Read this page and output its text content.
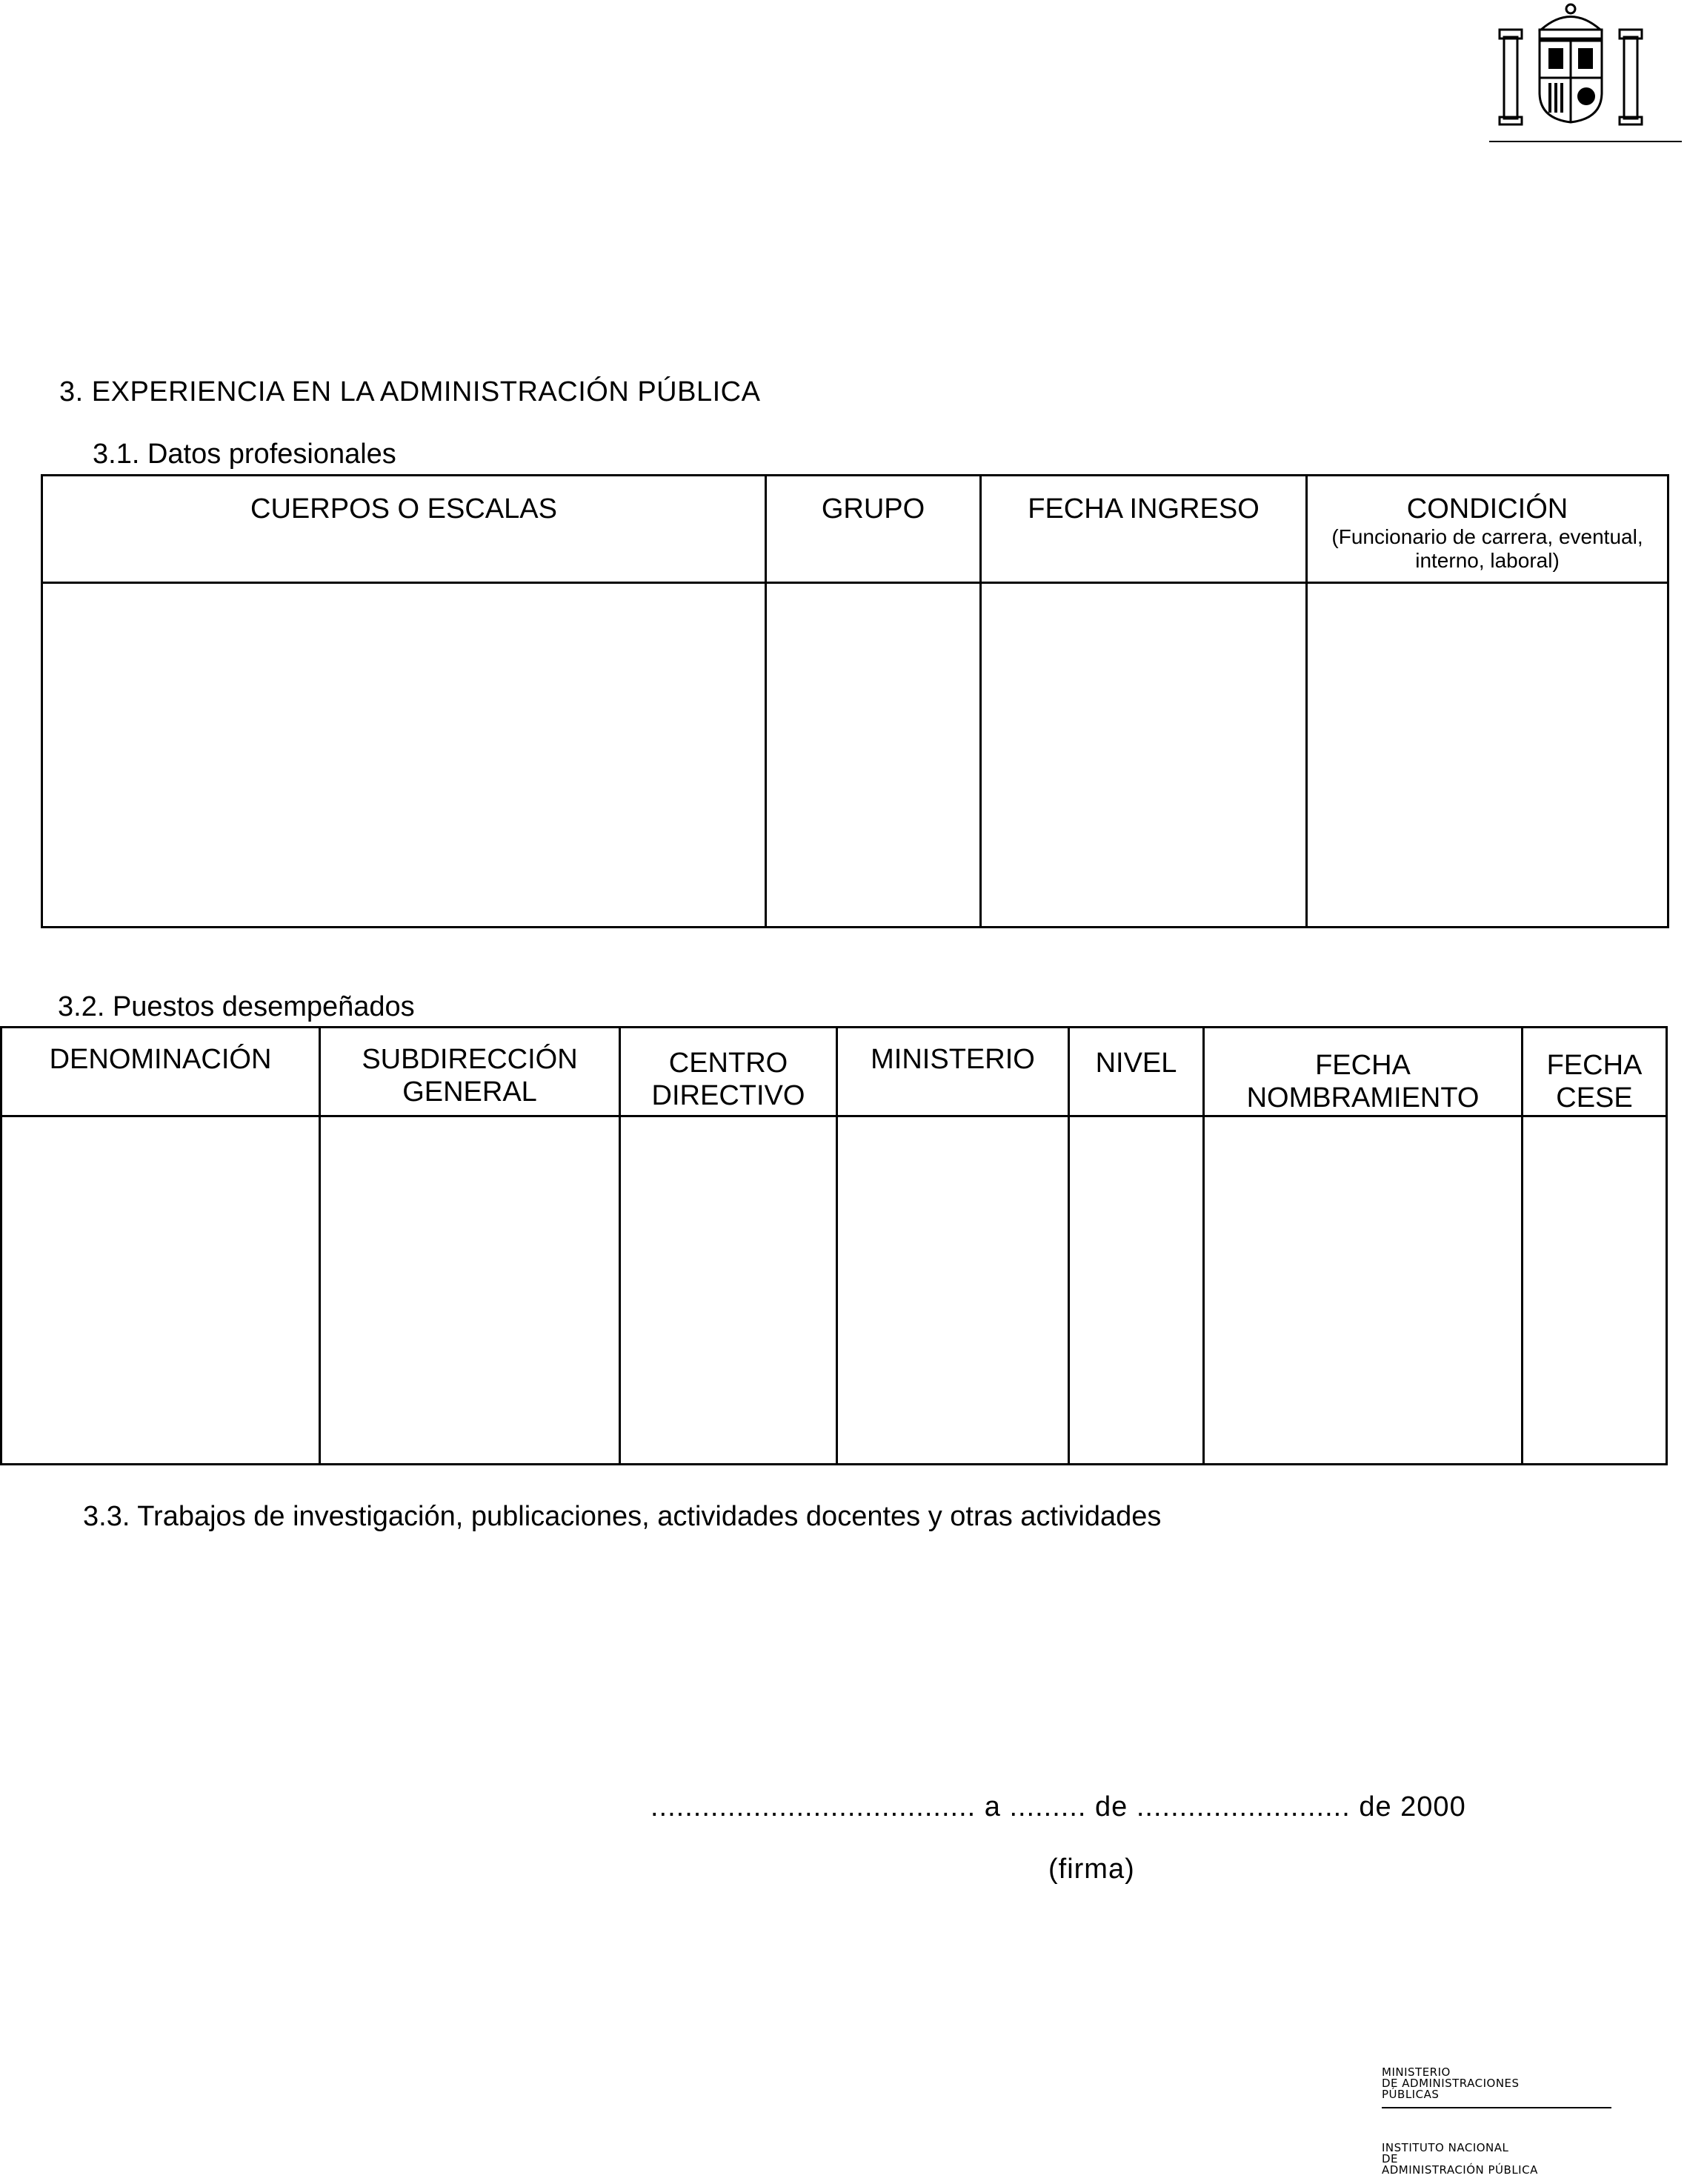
3. EXPERIENCIA EN LA ADMINISTRACIÓN PÚBLICA
3.1. Datos profesionales
CUERPOS O ESCALAS	GRUPO	FECHA INGRESO	CONDICIÓN
(Funcionario de carrera, eventual, interno, laboral)

3.2. Puestos desempeñados
DENOMINACIÓN	SUBDIRECCIÓN GENERAL	CENTRO DIRECTIVO	MINISTERIO	NIVEL	FECHA NOMBRAMIENTO	FECHA CESE

3.3. Trabajos de investigación, publicaciones, actividades docentes y otras actividades
...................................... a ......... de ......................... de 2000
(firma)
MINISTERIO
DE ADMINISTRACIONES
PÚBLICAS
INSTITUTO NACIONAL
DE
ADMINISTRACIÓN PÚBLICA
